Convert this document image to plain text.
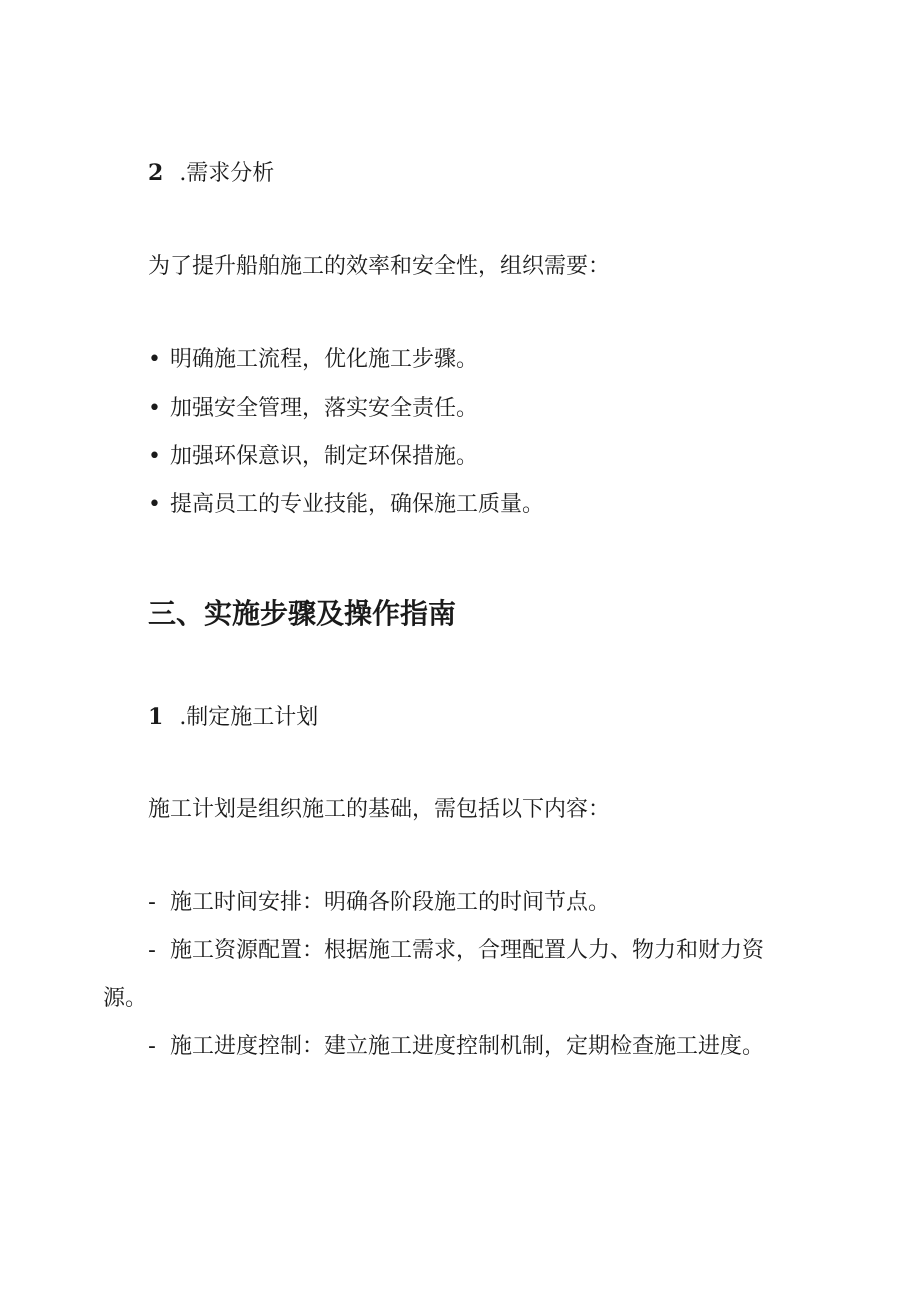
2 .需求分析
为了提升船舶施工的效率和安全性，组织需要：
• 明确施工流程，优化施工步骤。
• 加强安全管理，落实安全责任。
• 加强环保意识，制定环保措施。
• 提高员工的专业技能，确保施工质量。
三、实施步骤及操作指南
1 .制定施工计划
施工计划是组织施工的基础，需包括以下内容：
- 施工时间安排：明确各阶段施工的时间节点。
- 施工资源配置：根据施工需求，合理配置人力、物力和财力资
源。
- 施工进度控制：建立施工进度控制机制，定期检查施工进度。
